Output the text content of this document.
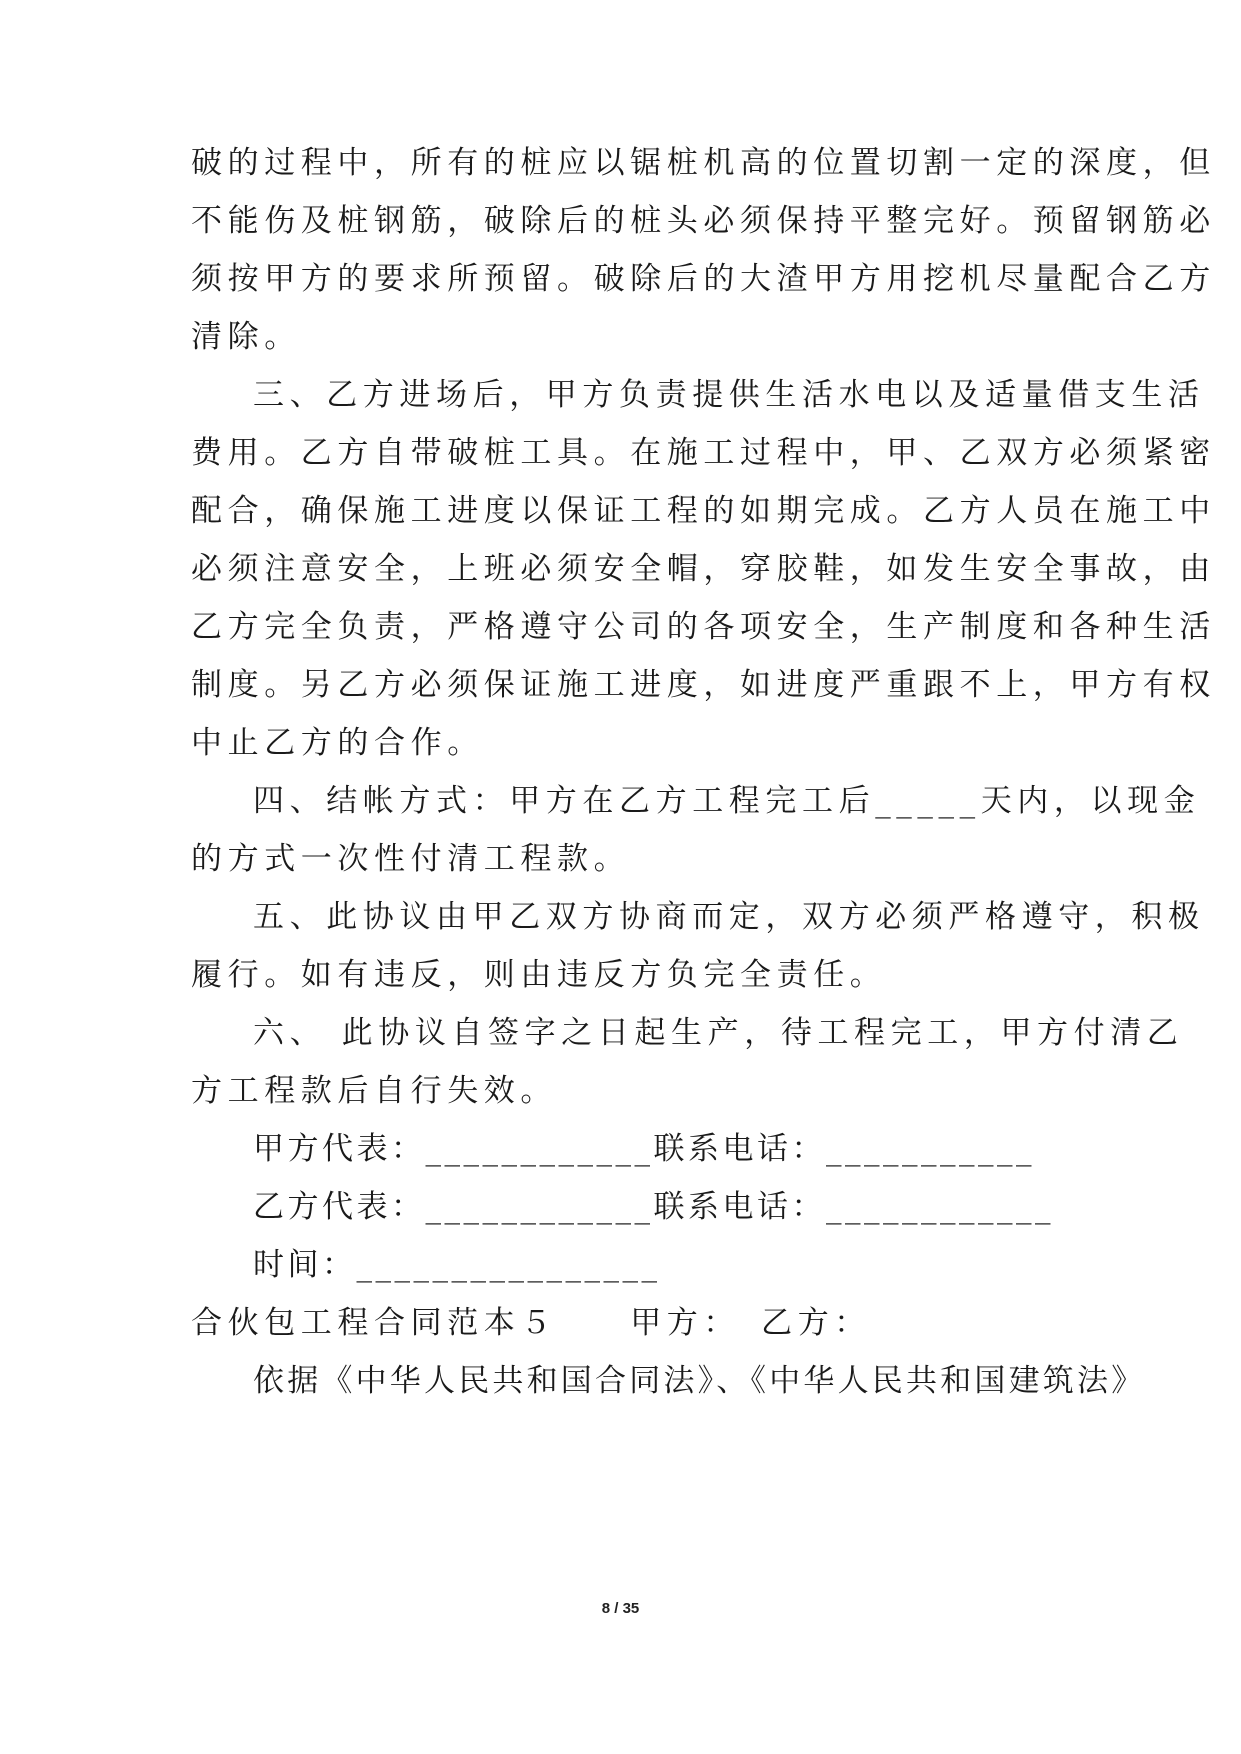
破的过程中，所有的桩应以锯桩机高的位置切割一定的深度，但
不能伤及桩钢筋，破除后的桩头必须保持平整完好。预留钢筋必
须按甲方的要求所预留。破除后的大渣甲方用挖机尽量配合乙方
清除。
三、乙方进场后，甲方负责提供生活水电以及适量借支生活
费用。乙方自带破桩工具。在施工过程中，甲、乙双方必须紧密
配合，确保施工进度以保证工程的如期完成。乙方人员在施工中
必须注意安全，上班必须安全帽，穿胶鞋，如发生安全事故，由
乙方完全负责，严格遵守公司的各项安全，生产制度和各种生活
制度。另乙方必须保证施工进度，如进度严重跟不上，甲方有权
中止乙方的合作。
四、结帐方式：甲方在乙方工程完工后_____天内，以现金
的方式一次性付清工程款。
五、此协议由甲乙双方协商而定，双方必须严格遵守，积极
履行。如有违反，则由违反方负完全责任。
六、 此协议自签字之日起生产，待工程完工，甲方付清乙
方工程款后自行失效。
甲方代表：____________联系电话：___________
乙方代表：____________联系电话：____________
时间：________________
合伙包工程合同范本５　　甲方：　乙方：
依据《中华人民共和国合同法》、《中华人民共和国建筑法》
8 / 35
